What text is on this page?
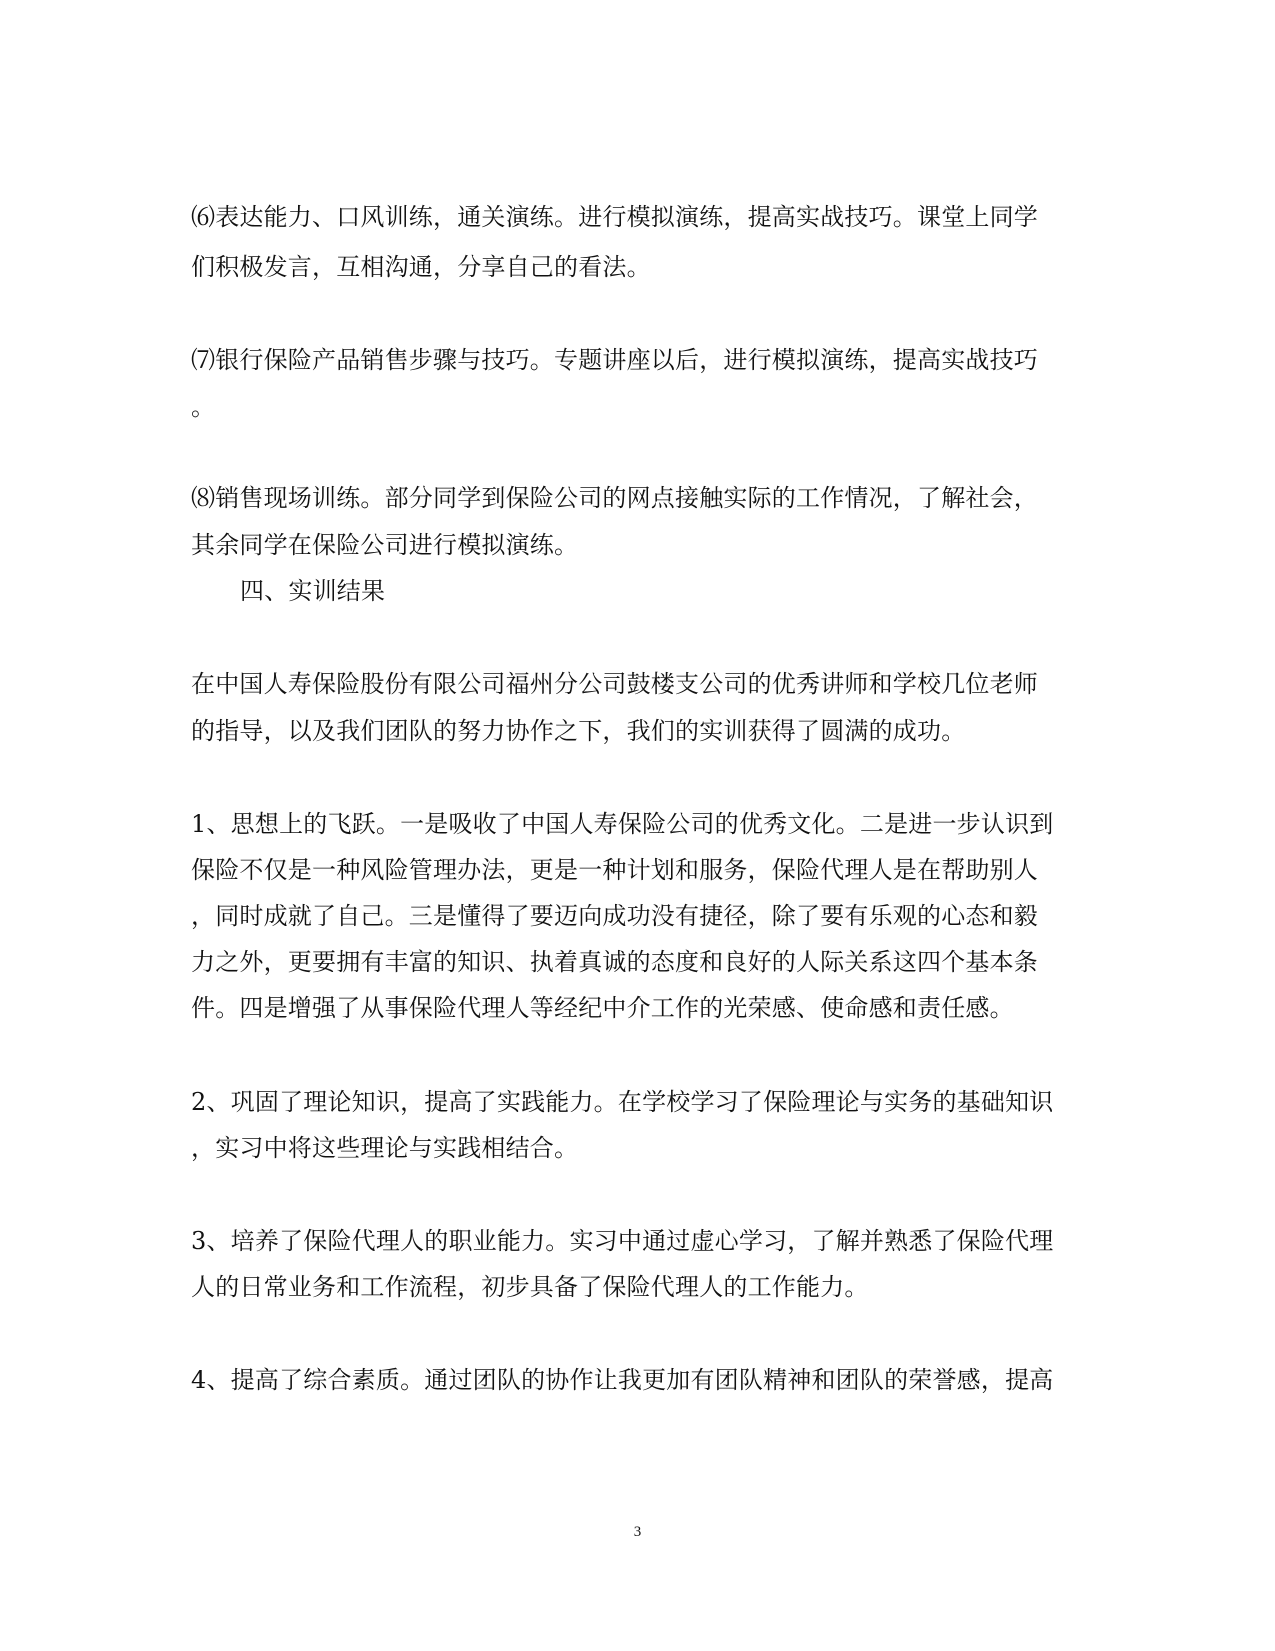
⑹表达能力、口风训练，通关演练。进行模拟演练，提高实战技巧。课堂上同学
们积极发言，互相沟通，分享自己的看法。
⑺银行保险产品销售步骤与技巧。专题讲座以后，进行模拟演练，提高实战技巧
。
⑻销售现场训练。部分同学到保险公司的网点接触实际的工作情况，了解社会，
其余同学在保险公司进行模拟演练。
四、实训结果
在中国人寿保险股份有限公司福州分公司鼓楼支公司的优秀讲师和学校几位老师
的指导，以及我们团队的努力协作之下，我们的实训获得了圆满的成功。
1、思想上的飞跃。一是吸收了中国人寿保险公司的优秀文化。二是进一步认识到
保险不仅是一种风险管理办法，更是一种计划和服务，保险代理人是在帮助别人
，同时成就了自己。三是懂得了要迈向成功没有捷径，除了要有乐观的心态和毅
力之外，更要拥有丰富的知识、执着真诚的态度和良好的人际关系这四个基本条
件。四是增强了从事保险代理人等经纪中介工作的光荣感、使命感和责任感。
2、巩固了理论知识，提高了实践能力。在学校学习了保险理论与实务的基础知识
，实习中将这些理论与实践相结合。
3、培养了保险代理人的职业能力。实习中通过虚心学习，了解并熟悉了保险代理
人的日常业务和工作流程，初步具备了保险代理人的工作能力。
4、提高了综合素质。通过团队的协作让我更加有团队精神和团队的荣誉感，提高
3
